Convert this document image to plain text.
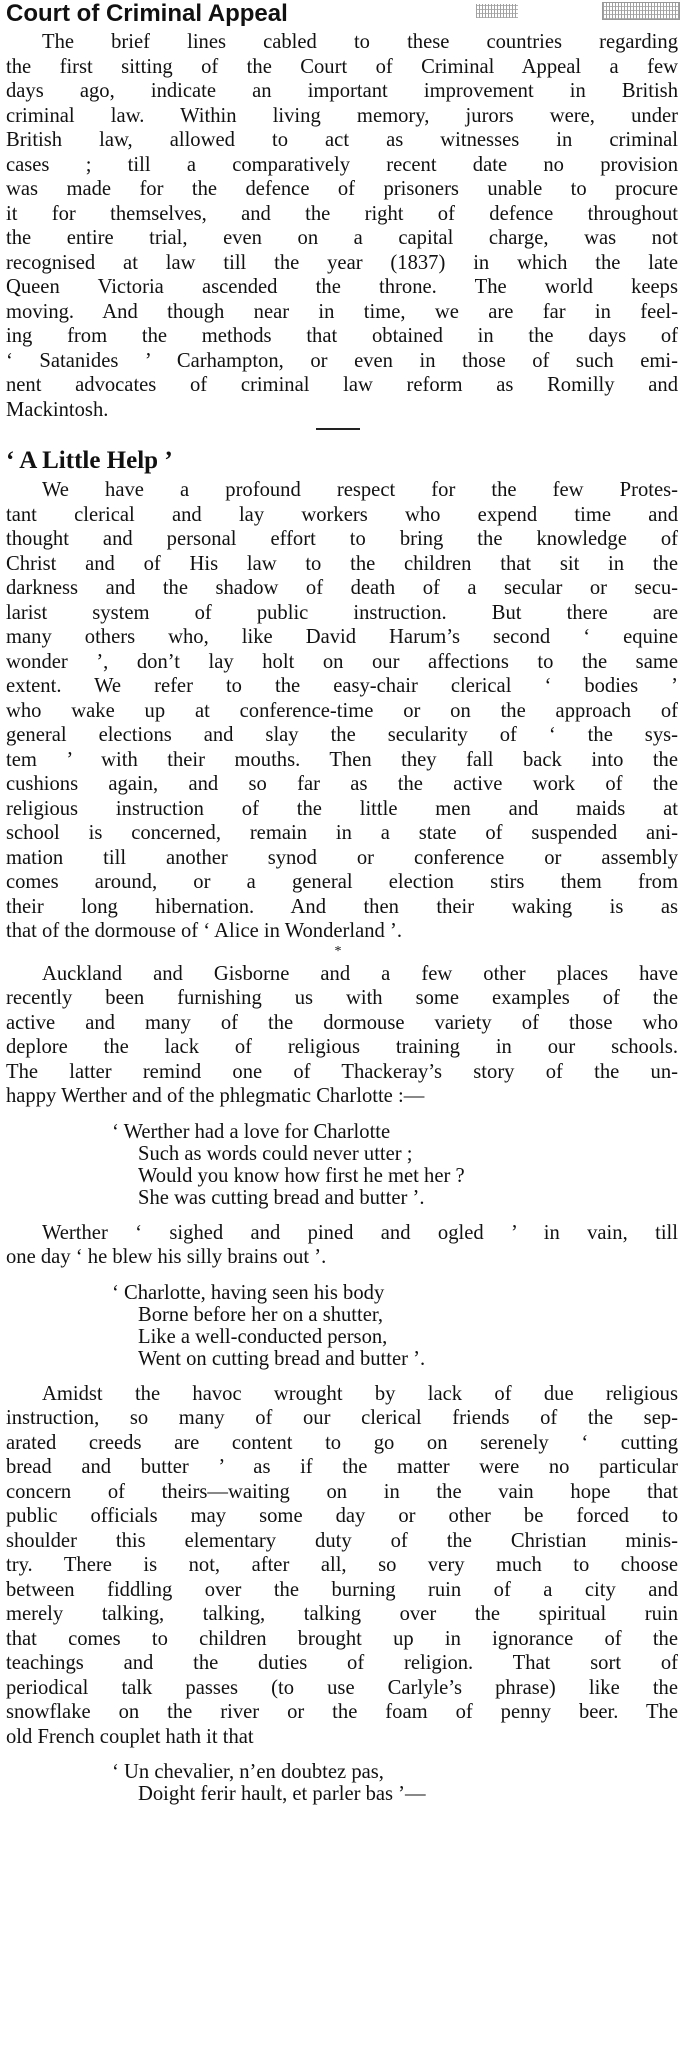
Court of Criminal Appeal
The brief lines cabled to these countries regarding
the first sitting of the Court of Criminal Appeal a few
days ago, indicate an important improvement in British
criminal law. Within living memory, jurors were, under
British law, allowed to act as witnesses in criminal
cases ; till a comparatively recent date no provision
was made for the defence of prisoners unable to procure
it for themselves, and the right of defence throughout
the entire trial, even on a capital charge, was not
recognised at law till the year (1837) in which the late
Queen Victoria ascended the throne. The world keeps
moving. And though near in time, we are far in feel-
ing from the methods that obtained in the days of
‘ Satanides ’ Carhampton, or even in those of such emi-
nent advocates of criminal law reform as Romilly and
Mackintosh.
‘ A Little Help ’
We have a profound respect for the few Protes-
tant clerical and lay workers who expend time and
thought and personal effort to bring the knowledge of
Christ and of His law to the children that sit in the
darkness and the shadow of death of a secular or secu-
larist system of public instruction. But there are
many others who, like David Harum’s second ‘ equine
wonder ’, don’t lay holt on our affections to the same
extent. We refer to the easy-chair clerical ‘ bodies ’
who wake up at conference-time or on the approach of
general elections and slay the secularity of ‘ the sys-
tem ’ with their mouths. Then they fall back into the
cushions again, and so far as the active work of the
religious instruction of the little men and maids at
school is concerned, remain in a state of suspended ani-
mation till another synod or conference or assembly
comes around, or a general election stirs them from
their long hibernation. And then their waking is as
that of the dormouse of ‘ Alice in Wonderland ’.
*
Auckland and Gisborne and a few other places have
recently been furnishing us with some examples of the
active and many of the dormouse variety of those who
deplore the lack of religious training in our schools.
The latter remind one of Thackeray’s story of the un-
happy Werther and of the phlegmatic Charlotte :—
‘ Werther had a love for Charlotte
Such as words could never utter ;
Would you know how first he met her ?
She was cutting bread and butter ’.
Werther ‘ sighed and pined and ogled ’ in vain, till
one day ‘ he blew his silly brains out ’.
‘ Charlotte, having seen his body
Borne before her on a shutter,
Like a well-conducted person,
Went on cutting bread and butter ’.
Amidst the havoc wrought by lack of due religious
instruction, so many of our clerical friends of the sep-
arated creeds are content to go on serenely ‘ cutting
bread and butter ’ as if the matter were no particular
concern of theirs—waiting on in the vain hope that
public officials may some day or other be forced to
shoulder this elementary duty of the Christian minis-
try. There is not, after all, so very much to choose
between fiddling over the burning ruin of a city and
merely talking, talking, talking over the spiritual ruin
that comes to children brought up in ignorance of the
teachings and the duties of religion. That sort of
periodical talk passes (to use Carlyle’s phrase) like the
snowflake on the river or the foam of penny beer. The
old French couplet hath it that
‘ Un chevalier, n’en doubtez pas,
Doight ferir hault, et parler bas ’—
